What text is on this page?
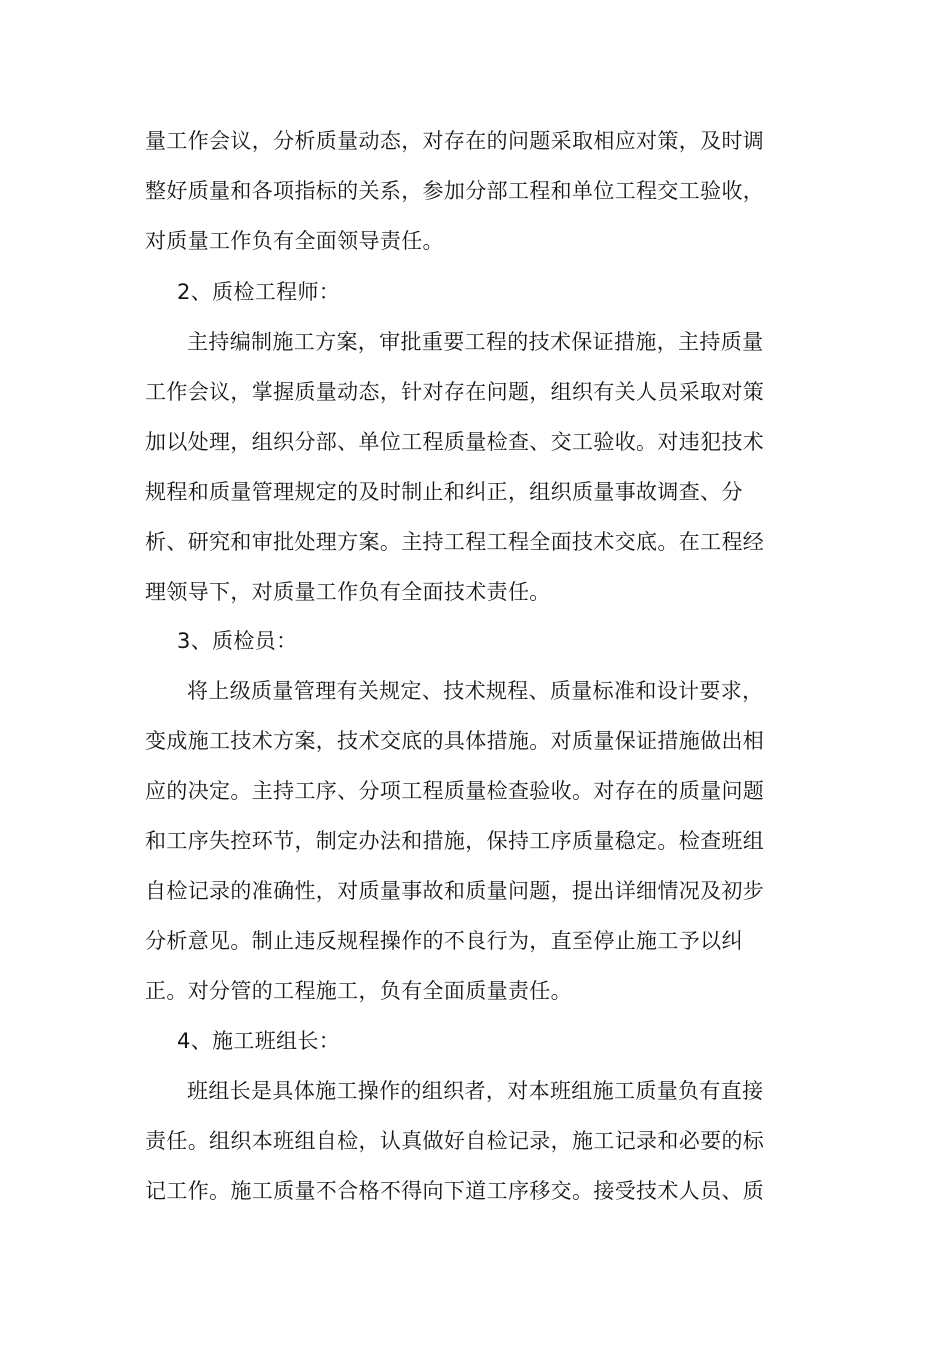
量工作会议，分析质量动态，对存在的问题采取相应对策，及时调
整好质量和各项指标的关系，参加分部工程和单位工程交工验收，
对质量工作负有全面领导责任。
2、质检工程师：
主持编制施工方案，审批重要工程的技术保证措施，主持质量
工作会议，掌握质量动态，针对存在问题，组织有关人员采取对策
加以处理，组织分部、单位工程质量检查、交工验收。对违犯技术
规程和质量管理规定的及时制止和纠正，组织质量事故调查、分
析、研究和审批处理方案。主持工程工程全面技术交底。在工程经
理领导下，对质量工作负有全面技术责任。
3、质检员：
将上级质量管理有关规定、技术规程、质量标准和设计要求，
变成施工技术方案，技术交底的具体措施。对质量保证措施做出相
应的决定。主持工序、分项工程质量检查验收。对存在的质量问题
和工序失控环节，制定办法和措施，保持工序质量稳定。检查班组
自检记录的准确性，对质量事故和质量问题，提出详细情况及初步
分析意见。制止违反规程操作的不良行为，直至停止施工予以纠
正。对分管的工程施工，负有全面质量责任。
4、施工班组长：
班组长是具体施工操作的组织者，对本班组施工质量负有直接
责任。组织本班组自检，认真做好自检记录，施工记录和必要的标
记工作。施工质量不合格不得向下道工序移交。接受技术人员、质
